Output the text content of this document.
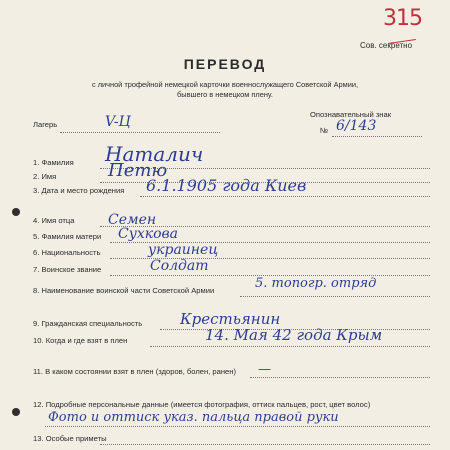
315
Сов. секретно
ПЕРЕВОД
с личной трофейной немецкой карточки военнослужащего Советской Армии,
бывшего в немецком плену.
Лагерь	V-Ц	Опознавательный знак
№ 6/143
1. Фамилия Наталич
2. Имя	Петю
3. Дата и место рождения 6.1.1905 года Киев
4. Имя отца Семен
5. Фамилия матери Сухкова
6. Национальность	украинец
7. Воинское звание	Солдат
8. Наименование воинской части Советской Армии	5. топогр. отряд
9. Гражданская специальность	Крестьянин
10. Когда и где взят в плен	14. Мая 42 года Крым
11. В каком состоянии взят в плен (здоров, болен, ранен) —
12. Подробные персональные данные (имеется фотография, оттиск пальцев, рост, цвет волос)
Фото и оттиск указ. пальца правой руки
13. Особые приметы
